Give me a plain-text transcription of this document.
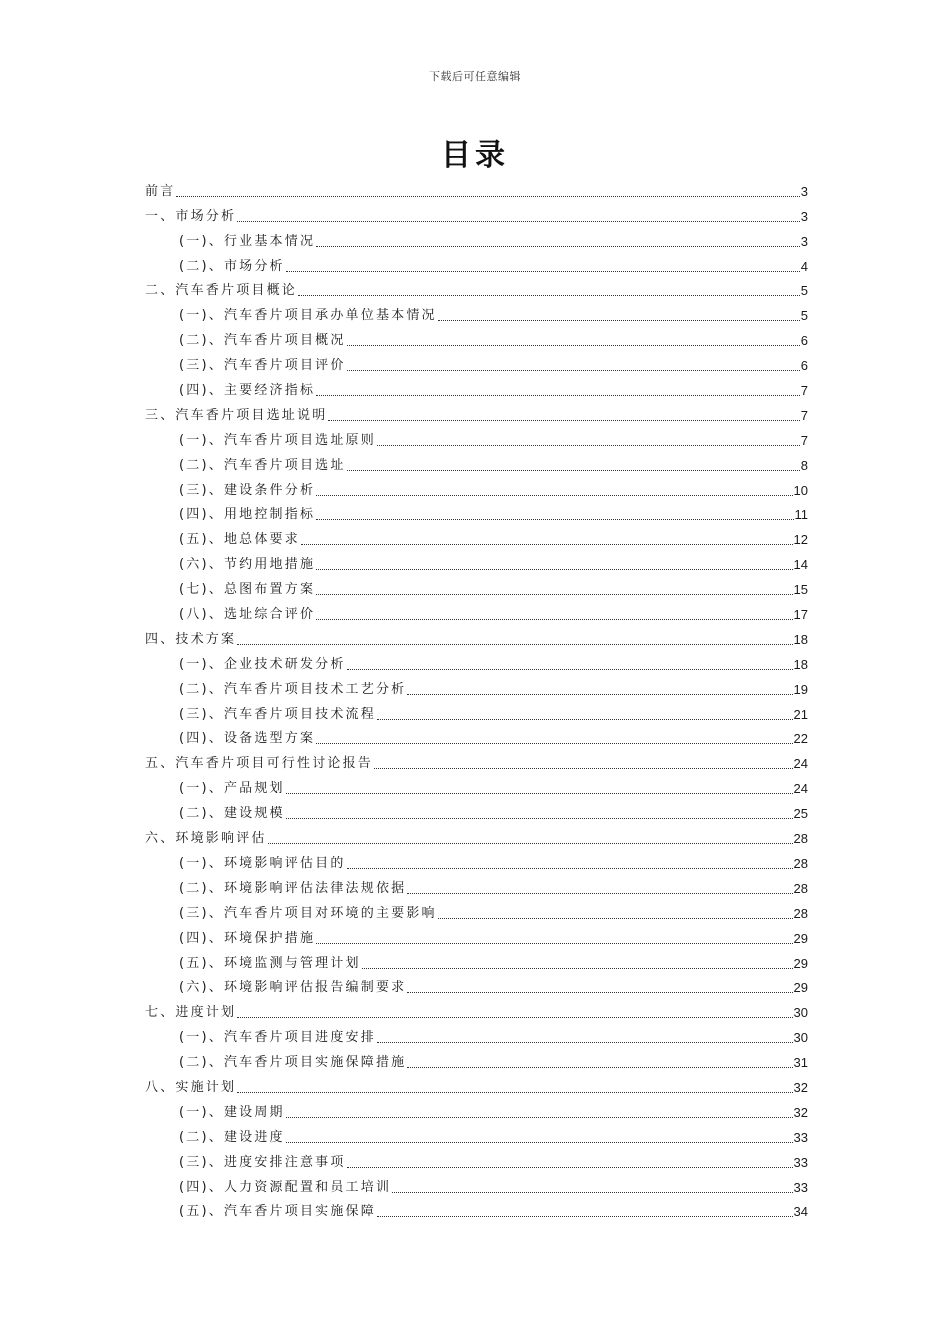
下载后可任意编辑
目录
前言	3
一、市场分析	3
(一)、行业基本情况	3
(二)、市场分析	4
二、汽车香片项目概论	5
(一)、汽车香片项目承办单位基本情况	5
(二)、汽车香片项目概况	6
(三)、汽车香片项目评价	6
(四)、主要经济指标	7
三、汽车香片项目选址说明	7
(一)、汽车香片项目选址原则	7
(二)、汽车香片项目选址	8
(三)、建设条件分析	10
(四)、用地控制指标	11
(五)、地总体要求	12
(六)、节约用地措施	14
(七)、总图布置方案	15
(八)、选址综合评价	17
四、技术方案	18
(一)、企业技术研发分析	18
(二)、汽车香片项目技术工艺分析	19
(三)、汽车香片项目技术流程	21
(四)、设备选型方案	22
五、汽车香片项目可行性讨论报告	24
(一)、产品规划	24
(二)、建设规模	25
六、环境影响评估	28
(一)、环境影响评估目的	28
(二)、环境影响评估法律法规依据	28
(三)、汽车香片项目对环境的主要影响	28
(四)、环境保护措施	29
(五)、环境监测与管理计划	29
(六)、环境影响评估报告编制要求	29
七、进度计划	30
(一)、汽车香片项目进度安排	30
(二)、汽车香片项目实施保障措施	31
八、实施计划	32
(一)、建设周期	32
(二)、建设进度	33
(三)、进度安排注意事项	33
(四)、人力资源配置和员工培训	33
(五)、汽车香片项目实施保障	34
